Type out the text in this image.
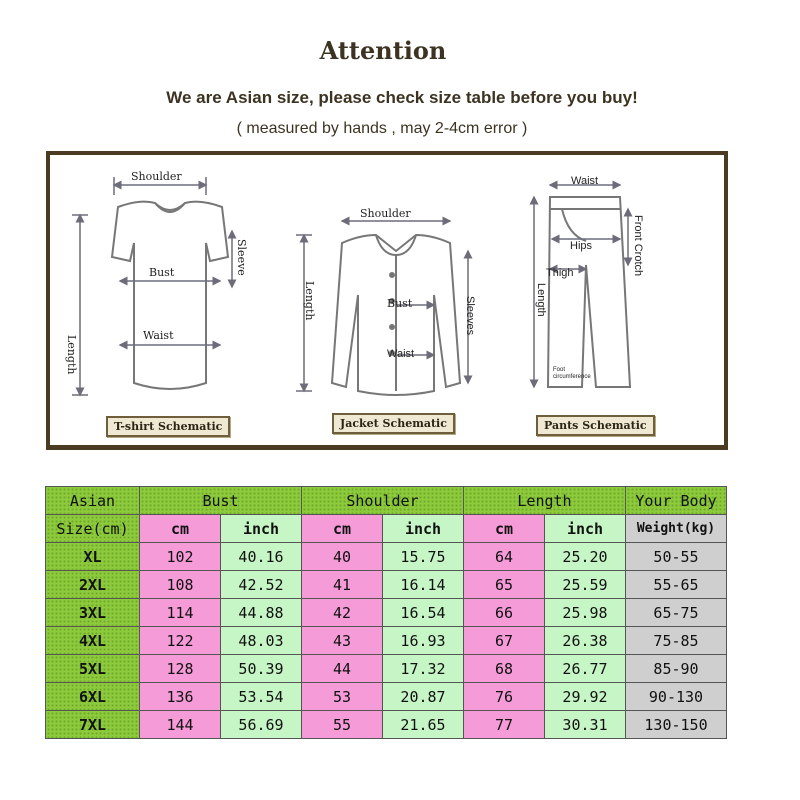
Attention
We are Asian size, please check size table before you buy!
( measured by hands , may 2-4cm error )
Shoulder
Sleeve
Bust
Waist
Length
T-shirt Schematic
Shoulder
Length	Bust
Waist
Sleeves
Jacket Schematic
Waist
Front Crotch
Hips
Thigh
Length
Foot circumference
Pants Schematic
Asian	Bust		Shoulder		Length		Your Body
Size(cm)	cm	inch	cm	inch	cm	inch	Weight(kg)
XL	102	40.16	40	15.75	64	25.20	50-55
2XL	108	42.52	41	16.14	65	25.59	55-65
3XL	114	44.88	42	16.54	66	25.98	65-75
4XL	122	48.03	43	16.93	67	26.38	75-85
5XL	128	50.39	44	17.32	68	26.77	85-90
6XL	136	53.54	53	20.87	76	29.92	90-130
7XL	144	56.69	55	21.65	77	30.31	130-150
